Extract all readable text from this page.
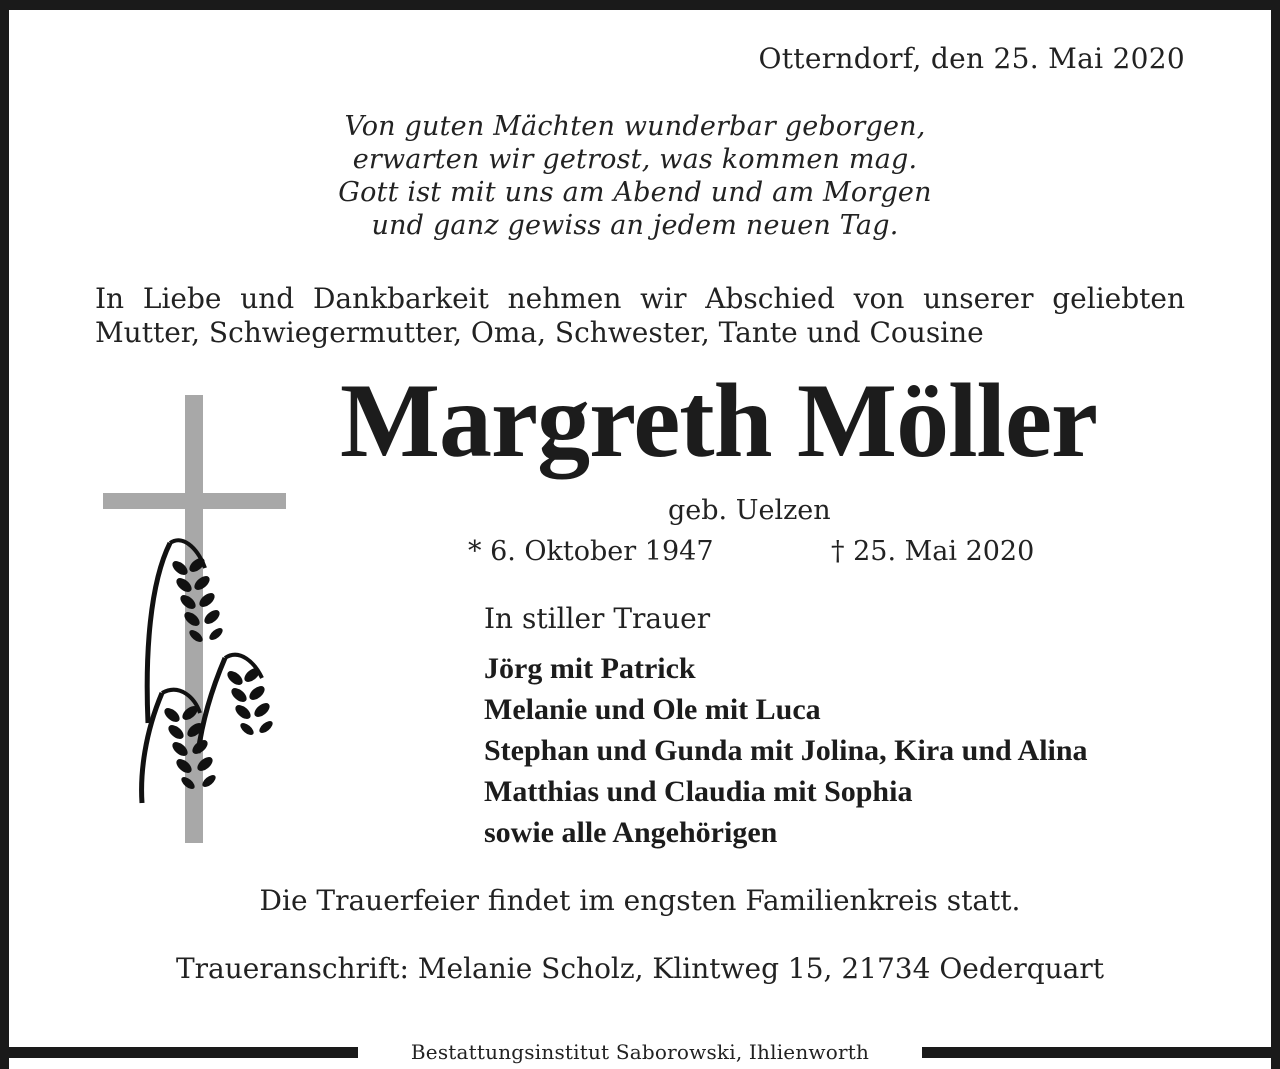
Otterndorf, den 25. Mai 2020
Von guten Mächten wunderbar geborgen,
erwarten wir getrost, was kommen mag.
Gott ist mit uns am Abend und am Morgen
und ganz gewiss an jedem neuen Tag.
In Liebe und Dankbarkeit nehmen wir Abschied von unserer geliebten
Mutter, Schwiegermutter, Oma, Schwester, Tante und Cousine
Margreth Möller
geb. Uelzen
* 6. Oktober 1947	† 25. Mai 2020
In stiller Trauer
Jörg mit Patrick
Melanie und Ole mit Luca
Stephan und Gunda mit Jolina, Kira und Alina
Matthias und Claudia mit Sophia
sowie alle Angehörigen
Die Trauerfeier findet im engsten Familienkreis statt.
Traueranschrift: Melanie Scholz, Klintweg 15, 21734 Oederquart
Bestattungsinstitut Saborowski, Ihlienworth
